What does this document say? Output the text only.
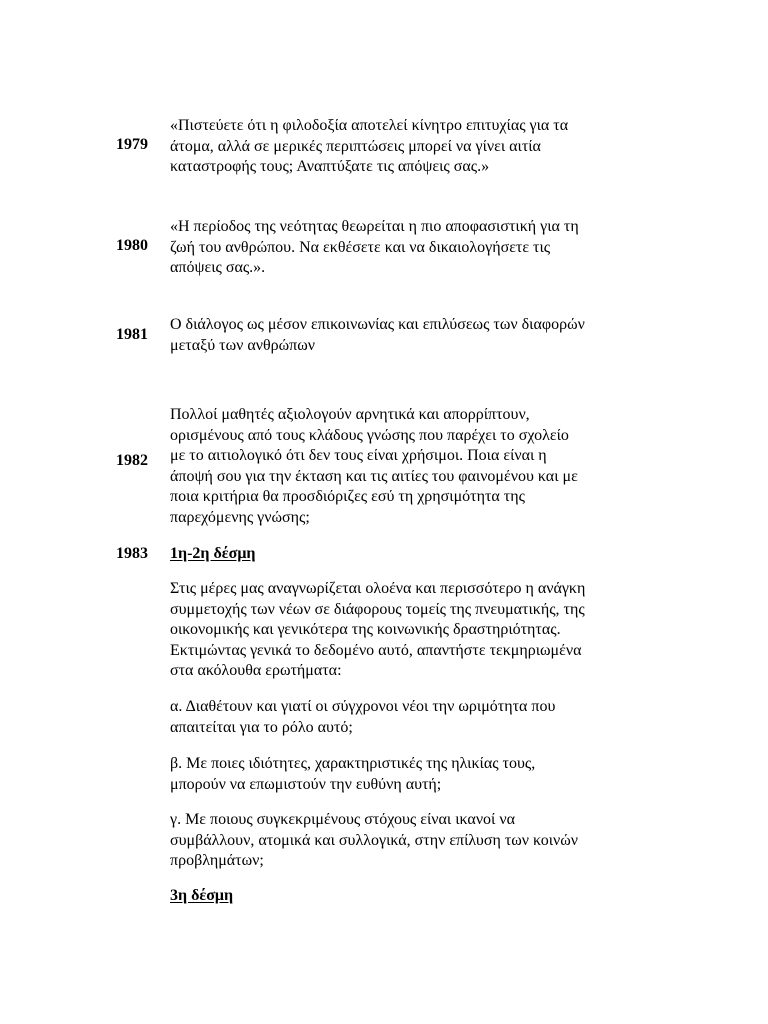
1979
«Πιστεύετε ότι η φιλοδοξία αποτελεί κίνητρο επιτυχίας για τα
άτομα, αλλά σε μερικές περιπτώσεις μπορεί να γίνει αιτία
καταστροφής τους; Αναπτύξατε τις απόψεις σας.»
1980
«Η περίοδος της νεότητας θεωρείται η πιο αποφασιστική για τη
ζωή του ανθρώπου. Να εκθέσετε και να δικαιολογήσετε τις
απόψεις σας.».
1981
Ο διάλογος ως μέσον επικοινωνίας και επιλύσεως των διαφορών
μεταξύ των ανθρώπων
1982
Πολλοί μαθητές αξιολογούν αρνητικά και απορρίπτουν,
ορισμένους από τους κλάδους γνώσης που παρέχει το σχολείο
με το αιτιολογικό ότι δεν τους είναι χρήσιμοι. Ποια είναι η
άποψή σου για την έκταση και τις αιτίες του φαινομένου και με
ποια κριτήρια θα προσδιόριζες εσύ τη χρησιμότητα της
παρεχόμενης γνώσης;
1983 1η-2η δέσμη
Στις μέρες μας αναγνωρίζεται ολοένα και περισσότερο η ανάγκη
συμμετοχής των νέων σε διάφορους τομείς της πνευματικής, της
οικονομικής και γενικότερα της κοινωνικής δραστηριότητας.
Εκτιμώντας γενικά το δεδομένο αυτό, απαντήστε τεκμηριωμένα
στα ακόλουθα ερωτήματα:
α. Διαθέτουν και γιατί οι σύγχρονοι νέοι την ωριμότητα που
απαιτείται για το ρόλο αυτό;
β. Με ποιες ιδιότητες, χαρακτηριστικές της ηλικίας τους,
μπορούν να επωμιστούν την ευθύνη αυτή;
γ. Με ποιους συγκεκριμένους στόχους είναι ικανοί να
συμβάλλουν, ατομικά και συλλογικά, στην επίλυση των κοινών
προβλημάτων;
3η δέσμη
